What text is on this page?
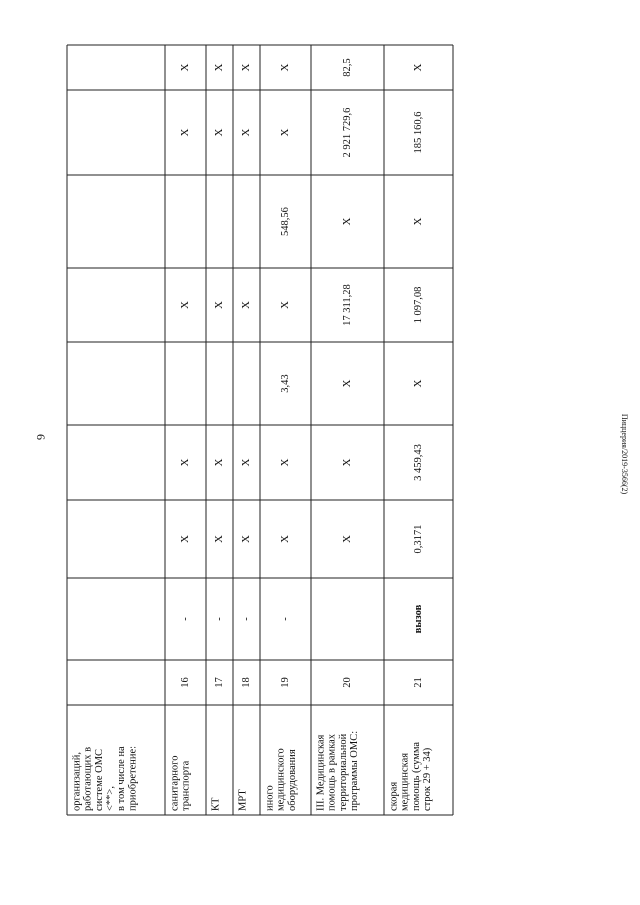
6	Пиццерия/2019-3566(2)
организаций, работающих в системе ОМС <**>, в том числе на приобретение:	санитарного транспорта
16
-
X
X
X
X
X
КТ
17
-
X
X
X
X
X
МРТ
18
-
X
X
X
X
X
иного медицинского оборудования
19
-
X
X
3,43
X
548,56
X
X
III. Медицинская помощь в рамках территориальной программы ОМС:
20
X
X
X
17 311,28
X
2 921 729,6
82,5
скорая медицинская помощь (сумма строк 29 + 34)
21
вызов
0,3171
3 459,43
X
1 097,08
X
185 160,6
X
